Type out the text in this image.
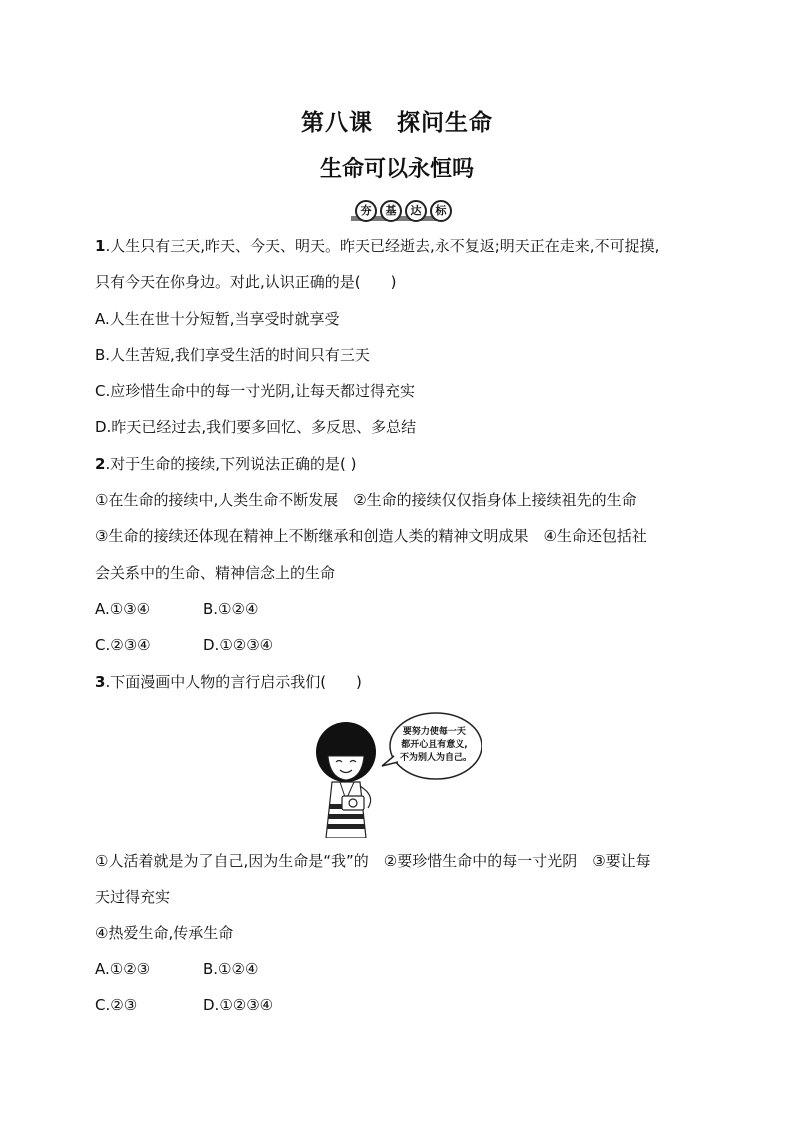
第八课　探问生命
生命可以永恒吗
夯	基	达	标
1.人生只有三天,昨天、今天、明天。昨天已经逝去,永不复返;明天正在走来,不可捉摸,
只有今天在你身边。对此,认识正确的是(　　)
A.人生在世十分短暂,当享受时就享受
B.人生苦短,我们享受生活的时间只有三天
C.应珍惜生命中的每一寸光阴,让每天都过得充实
D.昨天已经过去,我们要多回忆、多反思、多总结
2.对于生命的接续,下列说法正确的是( )
①在生命的接续中,人类生命不断发展　②生命的接续仅仅指身体上接续祖先的生命
③生命的接续还体现在精神上不断继承和创造人类的精神文明成果　④生命还包括社
会关系中的生命、精神信念上的生命
A.①③④	B.①②④
C.②③④	D.①②③④
3.下面漫画中人物的言行启示我们(　　)
要努力使每一天 都开心且有意义, 不为别人为自己。
①人活着就是为了自己,因为生命是“我”的　②要珍惜生命中的每一寸光阴　③要让每
天过得充实
④热爱生命,传承生命
A.①②③	B.①②④
C.②③	D.①②③④
